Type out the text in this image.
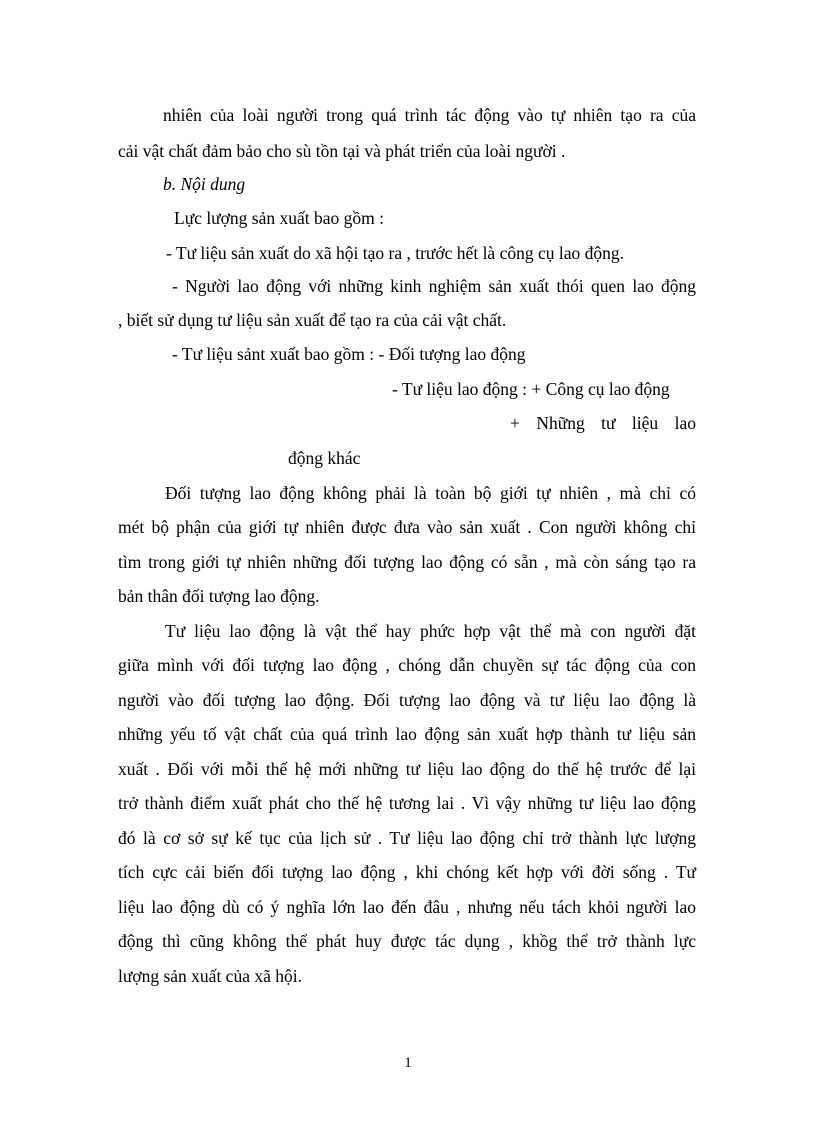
nhiên của loài người trong quá trình tác động vào tự nhiên tạo ra của
cải vật chất đảm bảo cho sù tồn tại và phát triển của loài người .
b. Nội dung
Lực lượng sản xuất bao gồm :
- Tư liệu sản xuất do xã hội tạo ra , trước hết là công cụ lao động.
- Người lao động với những kinh nghiệm sản xuất thói quen lao động
, biết sử dụng tư liệu sản xuất để tạo ra của cải vật chất.
- Tư liệu sảnt xuất bao gồm : - Đối tượng lao động
- Tư liệu lao động : + Công cụ lao động
+ Những tư liệu lao
động khác
Đối tượng lao động không phải là toàn bộ giới tự nhiên , mà chỉ có
mét bộ phận của giới tự nhiên được đưa vào sản xuất . Con người không chỉ
tìm trong giới tự nhiên những đối tượng lao động có sẵn , mà còn sáng tạo ra
bản thân đối tượng lao động.
Tư liệu lao động là vật thể hay phức hợp vật thể mà con người đặt
giữa mình với đối tượng lao động , chóng dẫn chuyền sự tác động của con
người vào đối tượng lao động. Đối tượng lao động và tư liệu lao động là
những yếu tố vật chất của quá trình lao động sản xuất hợp thành tư liệu sản
xuất . Đối với mỗi thế hệ mới những tư liệu lao động do thế hệ trước để lại
trở thành điểm xuất phát cho thế hệ tương lai . Vì vậy những tư liệu lao động
đó là cơ sở sự kế tục của lịch sử . Tư liệu lao động chỉ trở thành lực lượng
tích cực cải biến đối tượng lao động , khi chóng kết hợp với đời sống . Tư
liệu lao động dù có ý nghĩa lớn lao đến đâu , nhưng nếu tách khỏi người lao
động thì cũng không thể phát huy được tác dụng , khồg thể trở thành lực
lượng sản xuất của xã hội.
1
